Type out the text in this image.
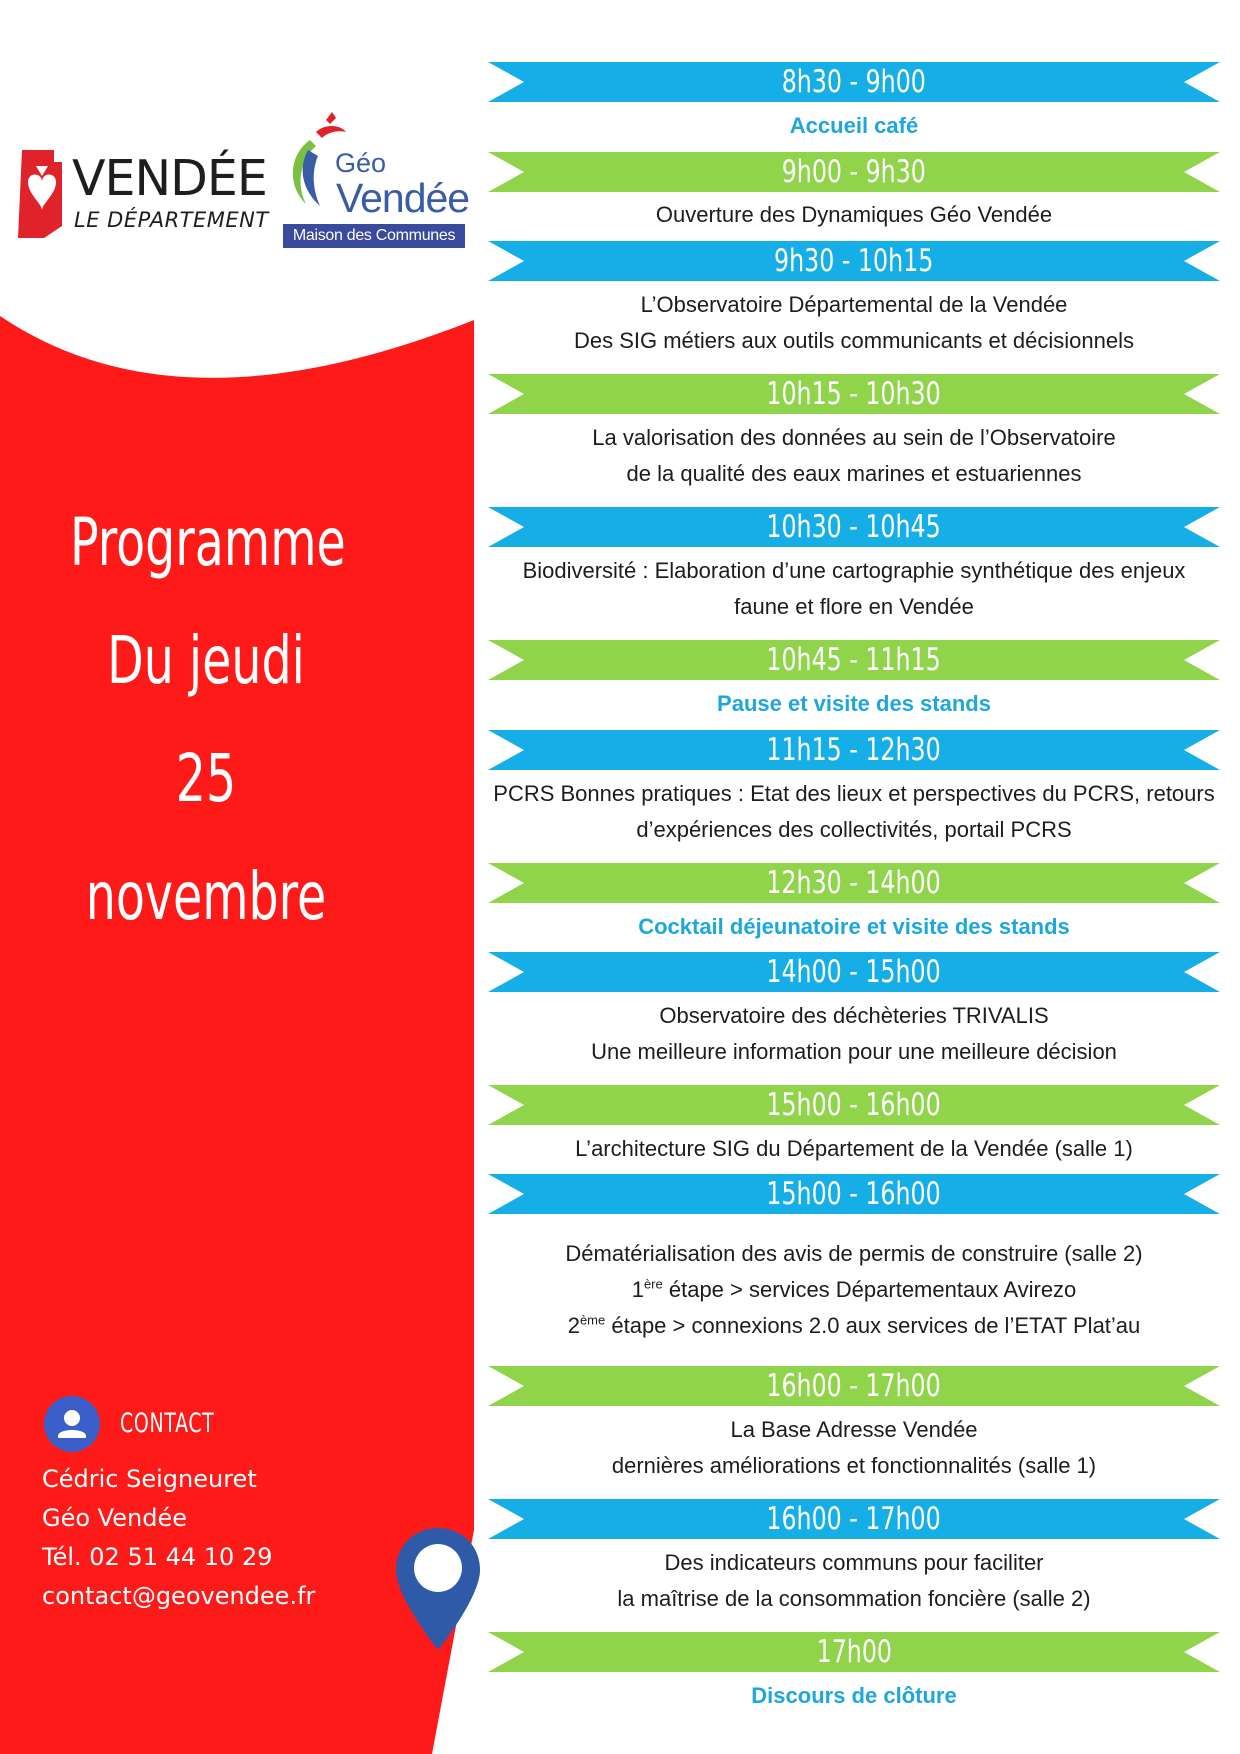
VENDÉE
LE DÉPARTEMENT
Géo
Vendée
Maison des Communes
Programme
Du jeudi
25
novembre
CONTACT
Cédric Seigneuret
Géo Vendée
Tél. 02 51 44 10 29
contact@geovendee.fr
8h30 - 9h00
Accueil café
9h00 - 9h30
Ouverture des Dynamiques Géo Vendée
9h30 - 10h15
L’Observatoire Départemental de la Vendée
Des SIG métiers aux outils communicants et décisionnels
10h15 - 10h30
La valorisation des données au sein de l’Observatoire
de la qualité des eaux marines et estuariennes
10h30 - 10h45
Biodiversité : Elaboration d’une cartographie synthétique des enjeux
faune et flore en Vendée
10h45 - 11h15
Pause et visite des stands
11h15 - 12h30
PCRS Bonnes pratiques : Etat des lieux et perspectives du PCRS, retours
d’expériences des collectivités, portail PCRS
12h30 - 14h00
Cocktail déjeunatoire et visite des stands
14h00 - 15h00
Observatoire des déchèteries TRIVALIS
Une meilleure information pour une meilleure décision
15h00 - 16h00
L’architecture SIG du Département de la Vendée (salle 1)
15h00 - 16h00
Dématérialisation des avis de permis de construire (salle 2)
1ère étape > services Départementaux Avirezo
2ème étape > connexions 2.0 aux services de l’ETAT Plat’au
16h00 - 17h00
La Base Adresse Vendée
dernières améliorations et fonctionnalités (salle 1)
16h00 - 17h00
Des indicateurs communs pour faciliter
la maîtrise de la consommation foncière (salle 2)
17h00
Discours de clôture
